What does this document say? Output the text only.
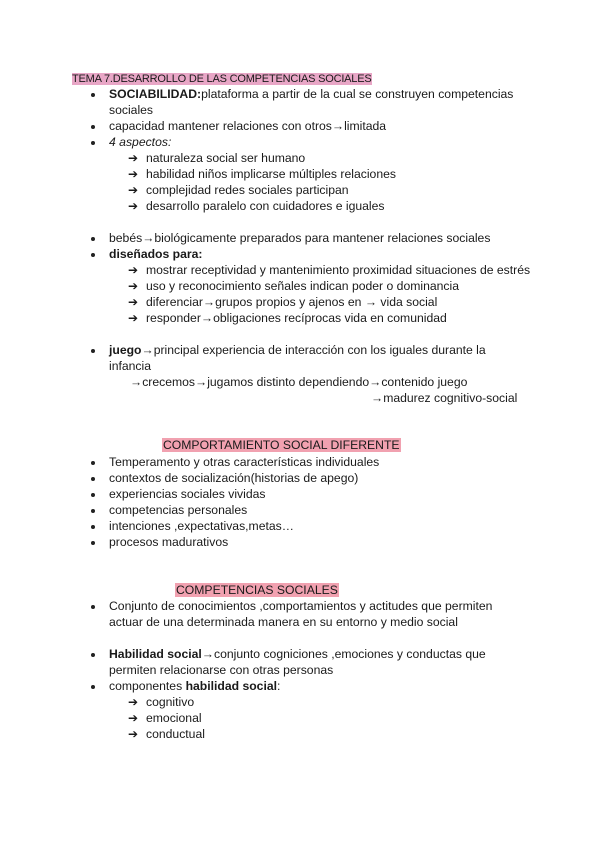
TEMA 7.DESARROLLO DE LAS COMPETENCIAS SOCIALES
SOCIABILIDAD:plataforma a partir de la cual se construyen competencias
sociales
capacidad mantener relaciones con otros→limitada
4 aspectos:
➔ naturaleza social ser humano
➔ habilidad niños implicarse múltiples relaciones
➔ complejidad redes sociales participan
➔ desarrollo paralelo con cuidadores e iguales
bebés→biológicamente preparados para mantener relaciones sociales
diseñados para:
➔ mostrar receptividad y mantenimiento proximidad situaciones de estrés
➔ uso y reconocimiento señales indican poder o dominancia
➔ diferenciar→grupos propios y ajenos en → vida social
➔ responder→obligaciones recíprocas vida en comunidad
juego→principal experiencia de interacción con los iguales durante la
infancia
→crecemos→jugamos distinto dependiendo→contenido juego
→madurez cognitivo-social
COMPORTAMIENTO SOCIAL DIFERENTE
Temperamento y otras características individuales
contextos de socialización(historias de apego)
experiencias sociales vividas
competencias personales
intenciones ,expectativas,metas…
procesos madurativos
COMPETENCIAS SOCIALES
Conjunto de conocimientos ,comportamientos y actitudes que permiten
actuar de una determinada manera en su entorno y medio social
Habilidad social→conjunto cogniciones ,emociones y conductas que
permiten relacionarse con otras personas
componentes habilidad social:
➔ cognitivo
➔ emocional
➔ conductual
